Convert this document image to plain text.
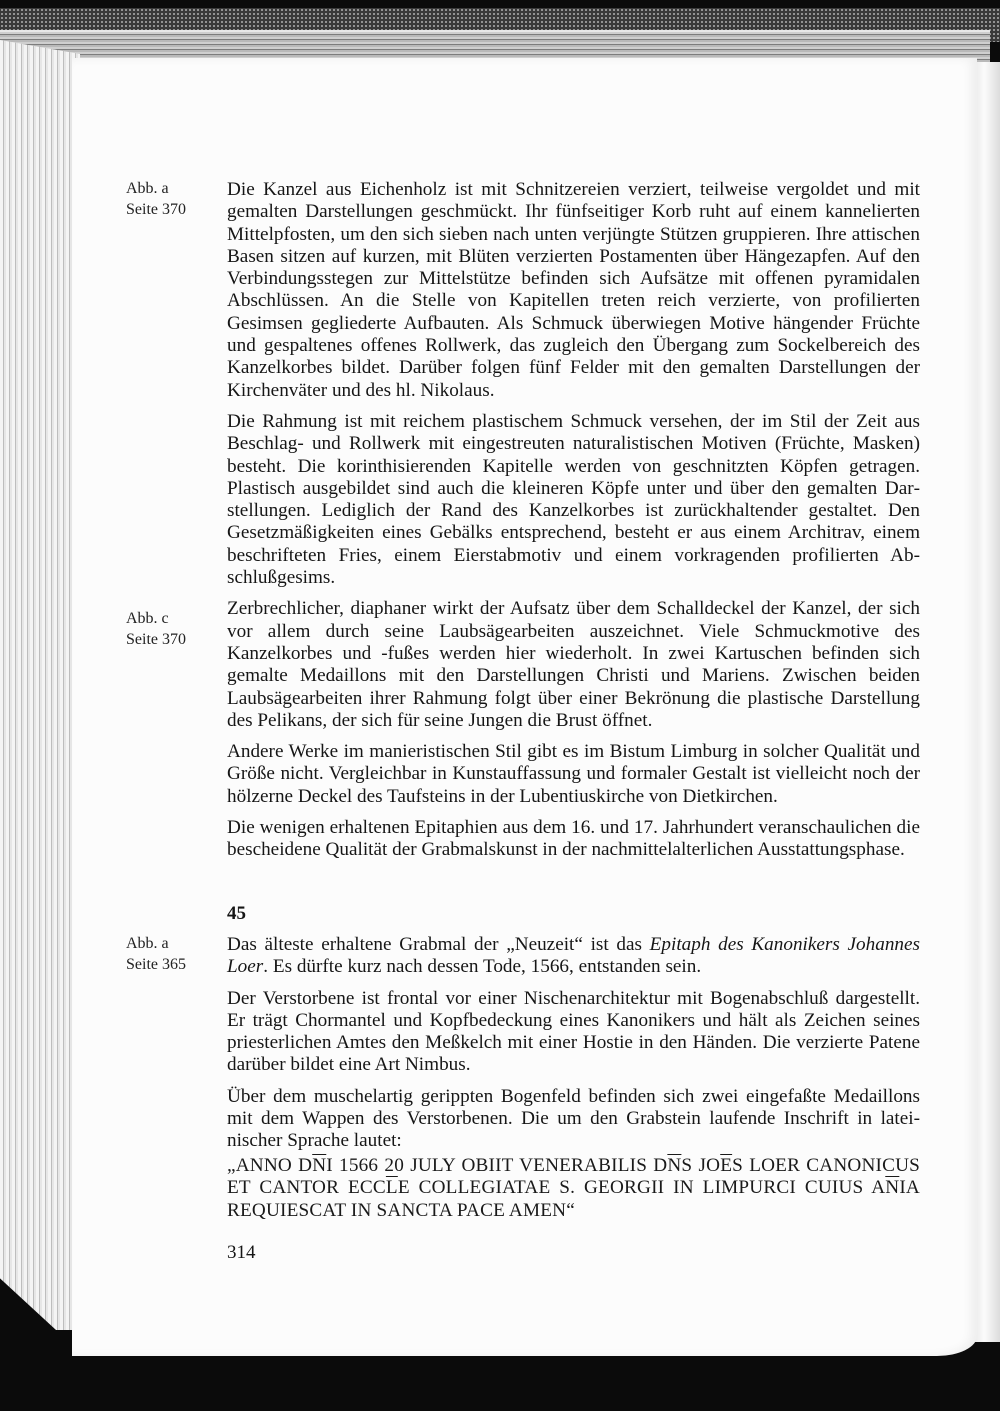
Abb. a
Seite 370
Abb. c
Seite 370
Abb. a
Seite 365

Die Kanzel aus Eichenholz ist mit Schnitzereien verziert, teilweise vergoldet und mit gemalten Darstellungen geschmückt. Ihr fünfseitiger Korb ruht auf einem kannelierten Mittelpfosten, um den sich sieben nach unten verjüngte Stützen gruppieren. Ihre attischen Basen sitzen auf kurzen, mit Blüten verzierten Postamenten über Hängezapfen. Auf den Verbindungsstegen zur Mittelstütze befinden sich Aufsätze mit offenen pyramidalen Abschlüssen. An die Stelle von Kapitellen treten reich verzierte, von profilierten Gesimsen gegliederte Aufbauten. Als Schmuck überwiegen Motive hängender Früchte und gespaltenes offenes Rollwerk, das zugleich den Übergang zum Sockelbereich des Kanzelkorbes bildet. Darüber folgen fünf Felder mit den gemalten Darstellungen der Kirchenväter und des hl. Nikolaus.

Die Rahmung ist mit reichem plastischem Schmuck versehen, der im Stil der Zeit aus Beschlag- und Rollwerk mit eingestreuten naturalistischen Motiven (Früchte, Masken) besteht. Die korinthisierenden Kapitelle werden von geschnitzten Köpfen getragen. Plastisch ausgebildet sind auch die kleineren Köpfe unter und über den gemalten Darstellungen. Lediglich der Rand des Kanzelkorbes ist zurückhaltender gestaltet. Den Gesetzmäßigkeiten eines Gebälks entsprechend, besteht er aus einem Architrav, einem beschrifteten Fries, einem Eierstabmotiv und einem vorkragenden profilierten Abschlußgesims.

Zerbrechlicher, diaphaner wirkt der Aufsatz über dem Schalldeckel der Kanzel, der sich vor allem durch seine Laubsägearbeiten auszeichnet. Viele Schmuckmotive des Kanzelkorbes und -fußes werden hier wiederholt. In zwei Kartuschen befinden sich gemalte Medaillons mit den Darstellungen Christi und Mariens. Zwischen beiden Laubsägearbeiten ihrer Rahmung folgt über einer Bekrönung die plastische Darstellung des Pelikans, der sich für seine Jungen die Brust öffnet.

Andere Werke im manieristischen Stil gibt es im Bistum Limburg in solcher Qualität und Größe nicht. Vergleichbar in Kunstauffassung und formaler Gestalt ist vielleicht noch der hölzerne Deckel des Taufsteins in der Lubentiuskirche von Dietkirchen.

Die wenigen erhaltenen Epitaphien aus dem 16. und 17. Jahrhundert veranschaulichen die bescheidene Qualität der Grabmalskunst in der nachmittelalterlichen Ausstattungsphase.

45

Das älteste erhaltene Grabmal der „Neuzeit“ ist das Epitaph des Kanonikers Johannes Loer. Es dürfte kurz nach dessen Tode, 1566, entstanden sein.

Der Verstorbene ist frontal vor einer Nischenarchitektur mit Bogenabschluß dargestellt. Er trägt Chormantel und Kopfbedeckung eines Kanonikers und hält als Zeichen seines priesterlichen Amtes den Meßkelch mit einer Hostie in den Händen. Die verzierte Patene darüber bildet eine Art Nimbus.

Über dem muschelartig gerippten Bogenfeld befinden sich zwei eingefaßte Medaillons mit dem Wappen des Verstorbenen. Die um den Grabstein laufende Inschrift in lateinischer Sprache lautet:

„ANNO $D\overline{N}I$ 1566 20 JULY OBIIT VENERABILIS $D\overline{N}S$ $JO\overline{E}S$ LOER CANONICUS ET CANTOR $ECC\overline{L}E$ COLLEGIATAE S. GEORGII IN LIMPURCI CUIUS $A\overline{N}IA$ REQUIESCAT IN SANCTA PACE AMEN“
314
